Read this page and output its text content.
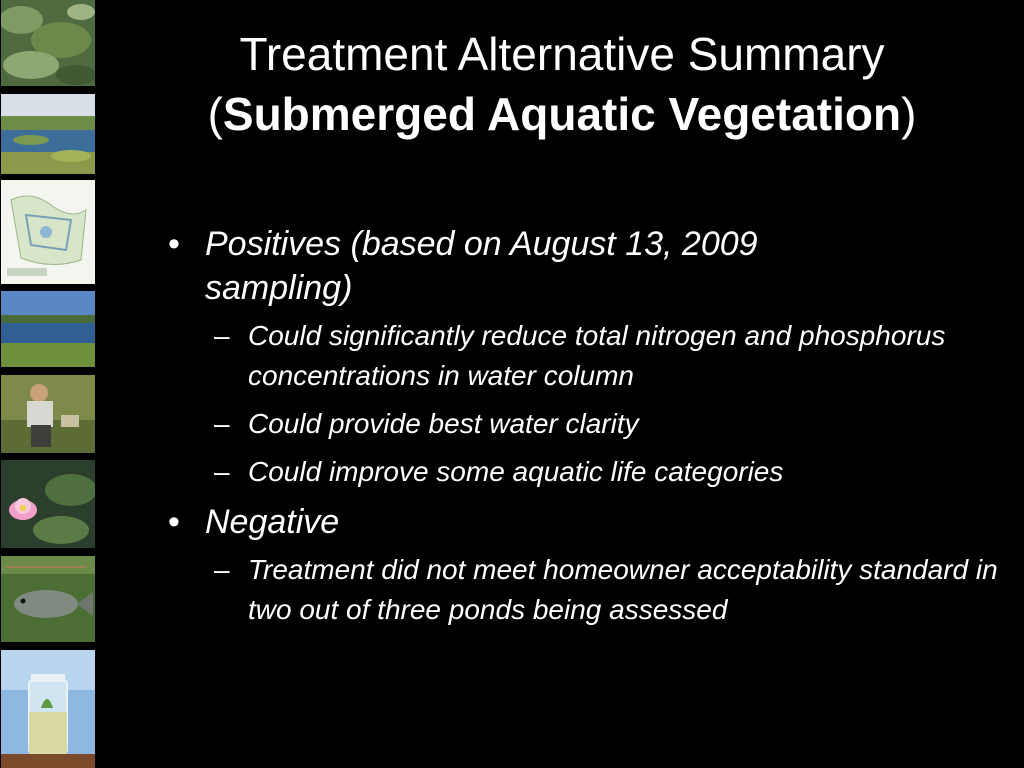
Treatment Alternative Summary
(Submerged Aquatic Vegetation)
• Positives (based on August 13, 2009 sampling)
– Could significantly reduce total nitrogen and phosphorus concentrations in water column
– Could provide best water clarity
– Could improve some aquatic life categories
• Negative
– Treatment did not meet homeowner acceptability standard in two out of three ponds being assessed
